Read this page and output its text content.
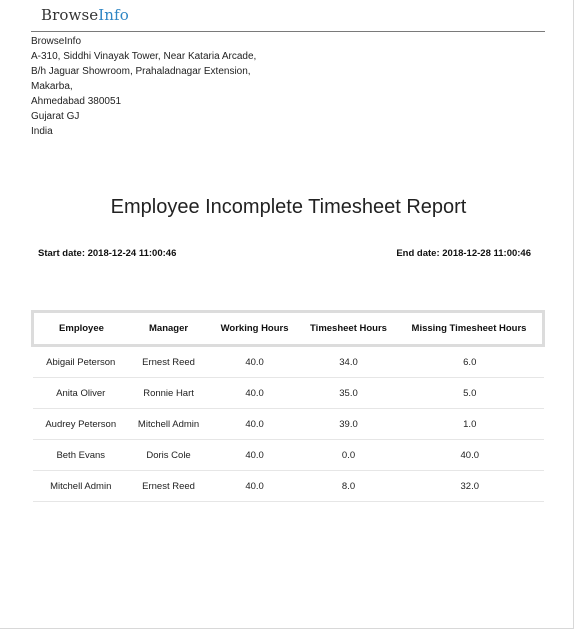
BrowseInfo
BrowseInfo
A-310, Siddhi Vinayak Tower, Near Kataria Arcade,
B/h Jaguar Showroom, Prahaladnagar Extension,
Makarba,
Ahmedabad 380051
Gujarat GJ
India
Employee Incomplete Timesheet Report
Start date: 2018-12-24 11:00:46	End date: 2018-12-28 11:00:46
Employee	Manager	Working Hours	Timesheet Hours	Missing Timesheet Hours
Abigail Peterson	Ernest Reed	40.0	34.0	6.0
Anita Oliver	Ronnie Hart	40.0	35.0	5.0
Audrey Peterson	Mitchell Admin	40.0	39.0	1.0
Beth Evans	Doris Cole	40.0	0.0	40.0
Mitchell Admin	Ernest Reed	40.0	8.0	32.0
